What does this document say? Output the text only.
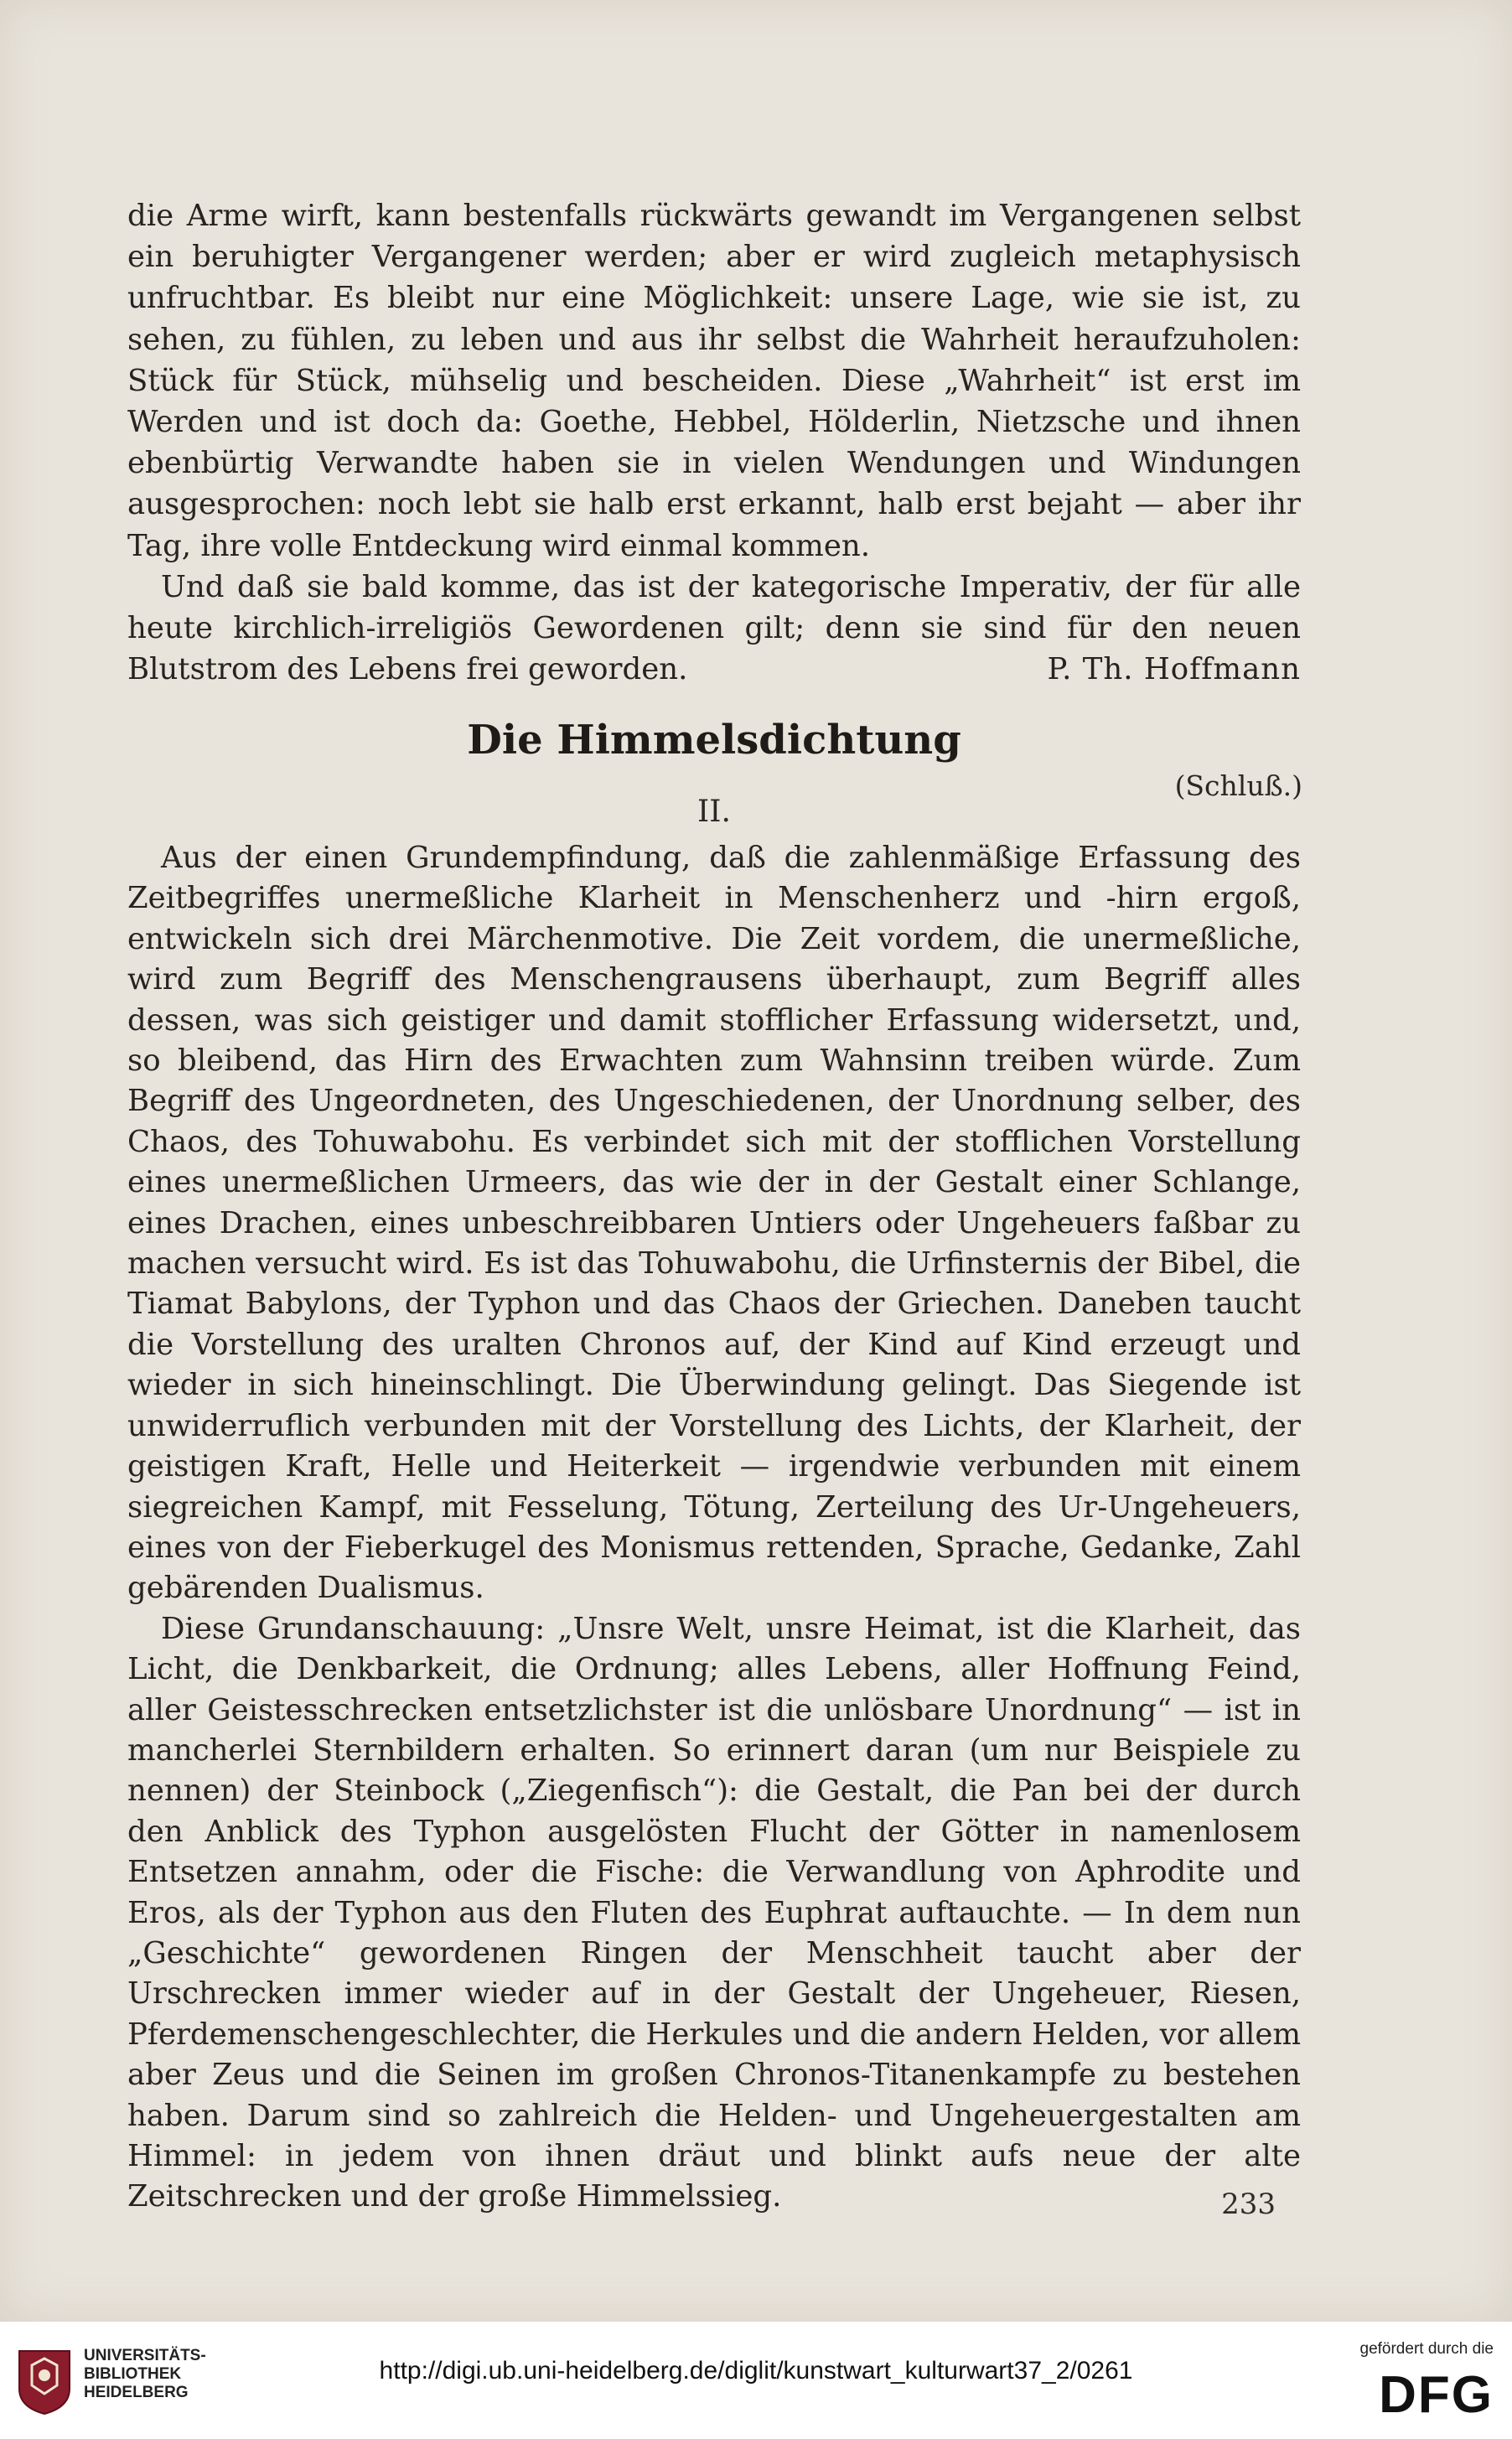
die Arme wirft, kann bestenfalls rückwärts gewandt im Vergangenen selbst ein beruhigter Vergangener werden; aber er wird zugleich metaphysisch unfruchtbar. Es bleibt nur eine Möglichkeit: unsere Lage, wie sie ist, zu sehen, zu fühlen, zu leben und aus ihr selbst die Wahrheit heraufzuholen: Stück für Stück, mühselig und bescheiden. Diese „Wahrheit“ ist erst im Werden und ist doch da: Goethe, Hebbel, Hölderlin, Nietzsche und ihnen ebenbürtig Verwandte haben sie in vielen Wendungen und Windungen ausgesprochen: noch lebt sie halb erst erkannt, halb erst bejaht — aber ihr Tag, ihre volle Entdeckung wird einmal kommen.

Und daß sie bald komme, das ist der kategorische Imperativ, der für alle heute kirchlich-irreligiös Gewordenen gilt; denn sie sind für den neuen Blutstrom des Lebens frei geworden.	P. Th. Hoffmann

Die Himmelsdichtung
(Schluß.)
II.

Aus der einen Grundempfindung, daß die zahlenmäßige Erfassung des Zeitbegriffes unermeßliche Klarheit in Menschenherz und -hirn ergoß, entwickeln sich drei Märchenmotive. Die Zeit vordem, die unermeßliche, wird zum Begriff des Menschengrausens überhaupt, zum Begriff alles dessen, was sich geistiger und damit stofflicher Erfassung widersetzt, und, so bleibend, das Hirn des Erwachten zum Wahnsinn treiben würde. Zum Begriff des Ungeordneten, des Ungeschiedenen, der Unordnung selber, des Chaos, des Tohuwabohu. Es verbindet sich mit der stofflichen Vorstellung eines unermeßlichen Urmeers, das wie der in der Gestalt einer Schlange, eines Drachen, eines unbeschreibbaren Untiers oder Ungeheuers faßbar zu machen versucht wird. Es ist das Tohuwabohu, die Urfinsternis der Bibel, die Tiamat Babylons, der Typhon und das Chaos der Griechen. Daneben taucht die Vorstellung des uralten Chronos auf, der Kind auf Kind erzeugt und wieder in sich hineinschlingt. Die Überwindung gelingt. Das Siegende ist unwiderruflich verbunden mit der Vorstellung des Lichts, der Klarheit, der geistigen Kraft, Helle und Heiterkeit — irgendwie verbunden mit einem siegreichen Kampf, mit Fesselung, Tötung, Zerteilung des Ur-Ungeheuers, eines von der Fieberkugel des Monismus rettenden, Sprache, Gedanke, Zahl gebärenden Dualismus.

Diese Grundanschauung: „Unsre Welt, unsre Heimat, ist die Klarheit, das Licht, die Denkbarkeit, die Ordnung; alles Lebens, aller Hoffnung Feind, aller Geistesschrecken entsetzlichster ist die unlösbare Unordnung“ — ist in mancherlei Sternbildern erhalten. So erinnert daran (um nur Beispiele zu nennen) der Steinbock („Ziegenfisch“): die Gestalt, die Pan bei der durch den Anblick des Typhon ausgelösten Flucht der Götter in namenlosem Entsetzen annahm, oder die Fische: die Verwandlung von Aphrodite und Eros, als der Typhon aus den Fluten des Euphrat auftauchte. — In dem nun „Geschichte“ gewordenen Ringen der Menschheit taucht aber der Urschrecken immer wieder auf in der Gestalt der Ungeheuer, Riesen, Pferdemenschengeschlechter, die Herkules und die andern Helden, vor allem aber Zeus und die Seinen im großen Chronos-Titanenkampfe zu bestehen haben. Darum sind so zahlreich die Helden- und Ungeheuergestalten am Himmel: in jedem von ihnen dräut und blinkt aufs neue der alte Zeitschrecken und der große Himmelssieg.	233
UNIVERSITÄTS-
BIBLIOTHEK
HEIDELBERG
http://digi.ub.uni-heidelberg.de/diglit/kunstwart_kulturwart37_2/0261
gefördert durch die
DFG
